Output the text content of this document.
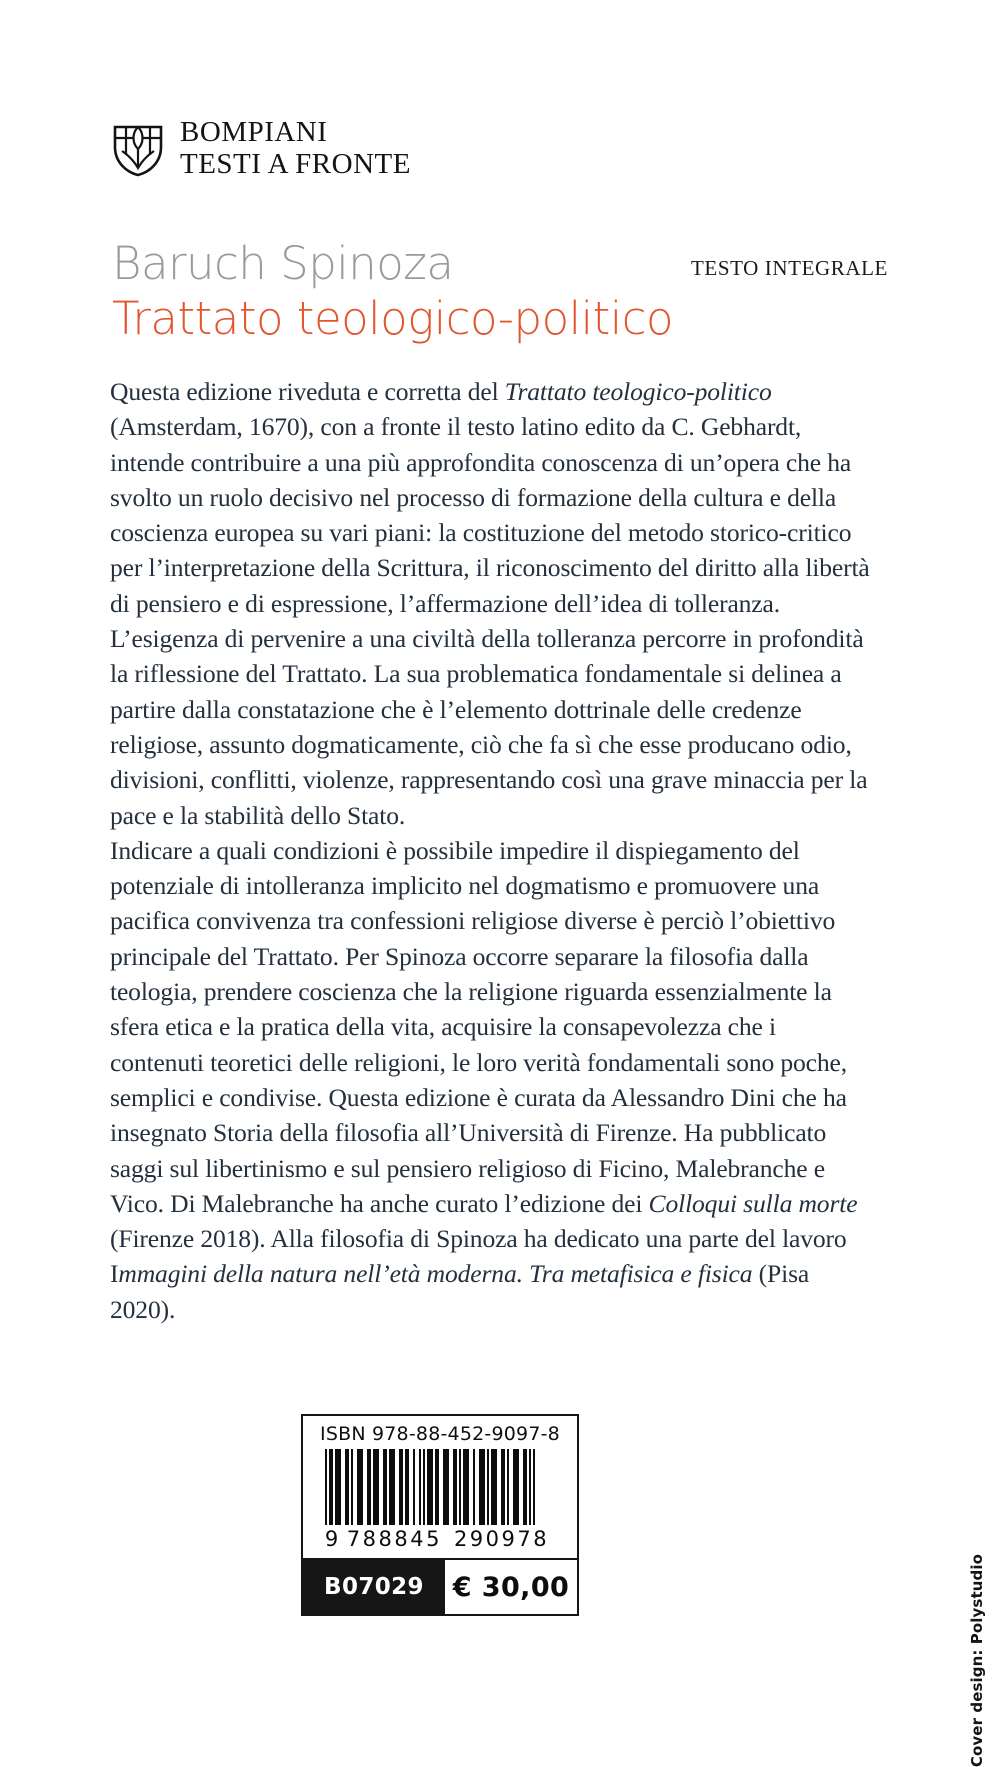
BOMPIANI
TESTI A FRONTE
Baruch Spinoza
Trattato teologico-politico
TESTO INTEGRALE

Questa edizione riveduta e corretta del Trattato teologico-politico (Amsterdam, 1670), con a fronte il testo latino edito da C. Gebhardt, intende contribuire a una più approfondita conoscenza di un’opera che ha svolto un ruolo decisivo nel processo di formazione della cultura e della coscienza europea su vari piani: la costituzione del metodo storico-critico per l’interpretazione della Scrittura, il riconoscimento del diritto alla libertà di pensiero e di espressione, l’affermazione dell’idea di tolleranza. L’esigenza di pervenire a una civiltà della tolleranza percorre in profondità la riflessione del Trattato. La sua problematica fondamentale si delinea a partire dalla constatazione che è l’elemento dottrinale delle credenze religiose, assunto dogmaticamente, ciò che fa sì che esse producano odio, divisioni, conflitti, violenze, rappresentando così una grave minaccia per la pace e la stabilità dello Stato.

Indicare a quali condizioni è possibile impedire il dispiegamento del potenziale di intolleranza implicito nel dogmatismo e promuovere una pacifica convivenza tra confessioni religiose diverse è perciò l’obiettivo principale del Trattato. Per Spinoza occorre separare la filosofia dalla teologia, prendere coscienza che la religione riguarda essenzialmente la sfera etica e la pratica della vita, acquisire la consapevolezza che i contenuti teoretici delle religioni, le loro verità fondamentali sono poche, semplici e condivise. Questa edizione è curata da Alessandro Dini che ha insegnato Storia della filosofia all’Università di Firenze. Ha pubblicato saggi sul libertinismo e sul pensiero religioso di Ficino, Malebranche e Vico. Di Malebranche ha anche curato l’edizione dei Colloqui sulla morte (Firenze 2018). Alla filosofia di Spinoza ha dedicato una parte del lavoro Immagini della natura nell’età moderna. Tra metafisica e fisica (Pisa 2020).

ISBN 978-88-452-9097-8
9 788845 290978
B07029	€ 30,00	Cover design: Polystudio
